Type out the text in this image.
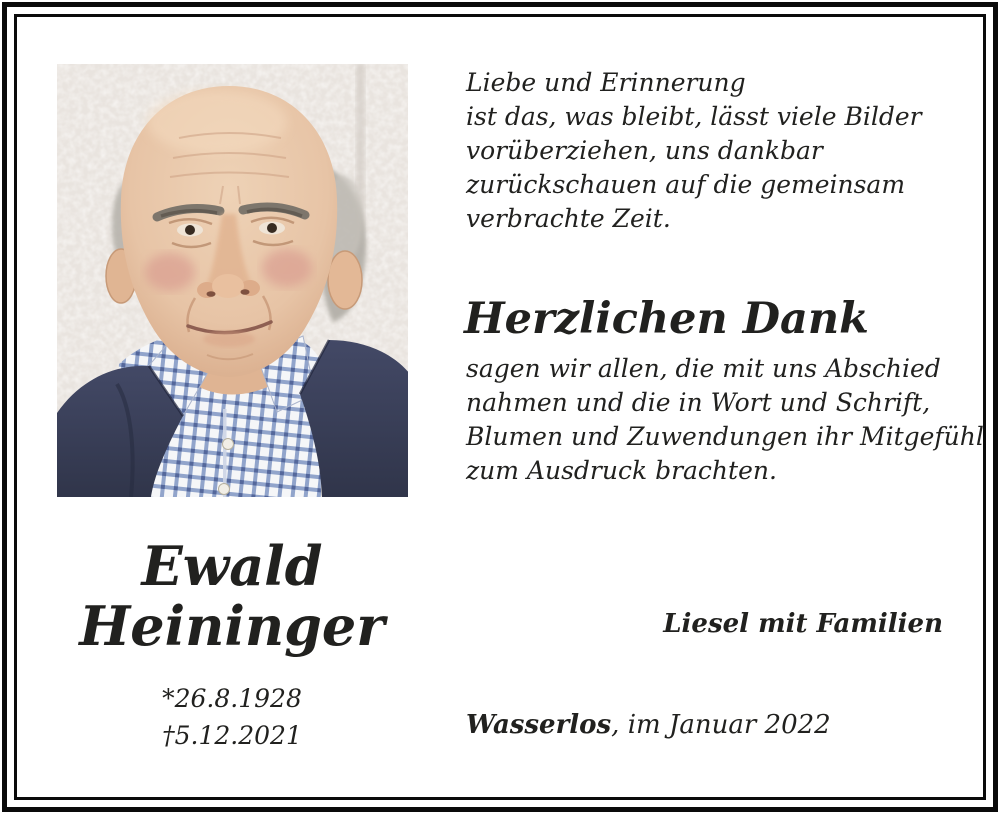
Liebe und Erinnerung
ist das, was bleibt, lässt viele Bilder
vorüberziehen, uns dankbar
zurückschauen auf die gemeinsam
verbrachte Zeit.
Herzlichen Dank
sagen wir allen, die mit uns Abschied
nahmen und die in Wort und Schrift,
Blumen und Zuwendungen ihr Mitgefühl
zum Ausdruck brachten.
Ewald
Heininger
*26.8.1928
†5.12.2021
Liesel mit Familien
Wasserlos, im Januar 2022
